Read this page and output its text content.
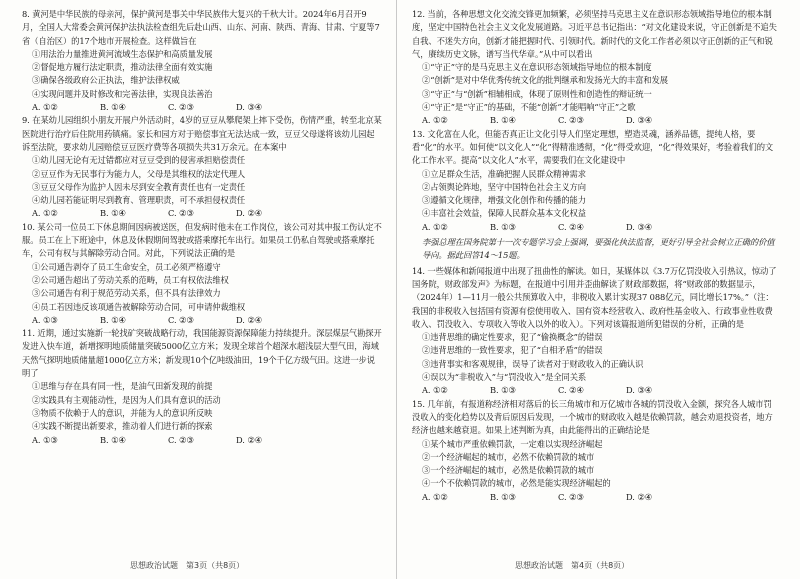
8. 黄河是中华民族的母亲河，保护黄河是事关中华民族伟大复兴的千秋大计。2024年6月召开9月，全国人大常委会黄河保护法执法检查组先后赴山西、山东、河南、陕西、青海、甘肃、宁夏等7省（自治区）的17个地市开展检查。这样做旨在

①用法治力量推进黄河流域生态保护和高质量发展

②督促地方履行法定职责，推动法律全面有效实施

③确保各级政府公正执法，维护法律权威

④实现问题并及时修改和完善法律，实现良法善治

A. ①②	B. ①④	C. ②③	D. ③④

9. 在某幼儿园组织小朋友开展户外活动时，4岁的豆豆从攀爬架上摔下受伤，伤情严重，转至北京某医院进行治疗后住院用药镇痛。家长和园方对于赔偿事宜无法达成一致，豆豆父母遂将该幼儿园起诉至法院，要求幼儿园赔偿豆豆医疗费等各项损失共31万余元。在本案中

①幼儿园无论有无过错都应对豆豆受到的侵害承担赔偿责任

②豆豆作为无民事行为能力人，父母是其维权的法定代理人

③豆豆父母作为监护人因未尽到安全教育责任也有一定责任

④幼儿园若能证明尽到教育、管理职责，可不承担侵权责任

A. ①②	B. ①④	C. ②③	D. ②④

10. 某公司一位员工下休息期间因病被送医，但发病时他未在工作岗位，该公司对其申报工伤认定不服。员工在上下班途中，休息及休假期间驾驶或搭乘摩托车出行。如果员工仍私自驾驶或搭乘摩托车，公司有权与其解除劳动合同。对此，下列说法正确的是

①公司通告剥夺了员工生命安全，员工必须严格遵守

②公司通告超出了劳动关系的范畴，员工有权依法维权

③公司通告有利于规范劳动关系，但不具有法律效力

④员工若因违反该项通告被解除劳动合同，可申请仲裁维权

A. ①③	B. ①④	C. ②③	D. ②④

11. 近期，通过实施新一轮找矿突破战略行动，我国能源资源保障能力持续提升。深层煤层气勘探开发进入快车道，新增探明地质储量突破5000亿立方米；发现全球首个超深水超浅层大型气田，海域天然气探明地质储量超1000亿立方米；新发现10个亿吨级油田，19个千亿方级气田。这进一步说明了

①思维与存在具有同一性，是油气田新发现的前提

②实践具有主观能动性，是因为人们具有意识的活动

③物质不依赖于人的意识，并能为人的意识所反映

④实践不断提出新要求，推动着人们进行新的探索

A. ①③	B. ①④	C. ②③	D. ②④

12. 当前，各种思想文化交流交锋更加频繁，必须坚持马克思主义在意识形态领域指导地位的根本制度，坚定中国特色社会主义文化发展道路。习近平总书记指出：“对文化建设来说，守正创新是不追失自我、不迷失方向，创新才能把握时代、引领时代。新时代的文化工作者必须以守正创新的正气和锐气，赓续历史文脉，谱写当代华章。”从中可以看出

①“守正”守的是马克思主义在意识形态领域指导地位的根本制度

②“创新”是对中华优秀传统文化的批判继承和发扬光大的丰富和发展

③“守正”与“创新”相辅相成，体现了原则性和创造性的辩证统一

④“守正”是“守正”的基础，不能“创新”才能唱响“守正”之歌

A. ①②	B. ①④	C. ②③	D. ③④

13. 文化富在人化，但能否真正让文化引导人们坚定理想，塑造灵魂，涵养品德，提纯人格，要看“化”的水平。如何使“以文化人”“化”得精准透彻，“化”得受欢迎，“化”得效果好，考验着我们的文化工作水平。提高“以文化人”水平，需要我们在文化建设中

①立足群众生活，准确把握人民群众精神需求

②占领舆论阵地，坚守中国特色社会主义方向

③遵循文化规律，增强文化创作和传播的能力

④丰富社会效益，保障人民群众基本文化权益

A. ①②	B. ①③	C. ②④	D. ③④

李强总理在国务院第十一次专题学习会上强调，要强化执法监督，更好引导全社会树立正确的价值导向。据此回答14～15题。

14. 一些媒体和新闻报道中出现了扭曲性的解读。如日，某媒体以《3.7万亿罚没收入引热议，惊动了国务院，财政部发声》为标题，在报道中引用并歪曲解读了财政部数据，将“财政部的数据显示，（2024年）1—11月一般公共预算收入中，非税收入累计实现37 088亿元，同比增长17%。”（注：我国的非税收入包括国有资源有偿使用收入、国有资本经营收入、政府性基金收入、行政事业性收费收入、罚没收入、专项收入等收入以外的收入）。下列对该篇报道所犯错误的分析，正确的是

①违背思维的确定性要求，犯了“偷换概念”的错误

②违背思维的一致性要求，犯了“自相矛盾”的错误

③违背事实和客观规律，误导了读者对于财政收入的正确认识

④误以为“非税收入”与“罚没收入”是全同关系

A. ①②	B. ①③	C. ②④	D. ③④

15. 几年前，有报道称经济相对落后的长三角城市和万亿城市各城的罚没收入金额，探究各人城市罚没收入的变化趋势以及背后原因后发现，一个城市的财政收入越是依赖罚款，越会劝退投资者，地方经济也越来越衰退。如果上述判断为真，由此能得出的正确结论是

①某个城市严重依赖罚款，一定难以实现经济崛起

②一个经济崛起的城市，必然不依赖罚款的城市

③一个经济崛起的城市，必然是依赖罚款的城市

④一个不依赖罚款的城市，必然是能实现经济崛起的

A. ①②	B. ①③	C. ②③	D. ②④
思想政治试题　第3页（共8页）	思想政治试题　第4页（共8页）
